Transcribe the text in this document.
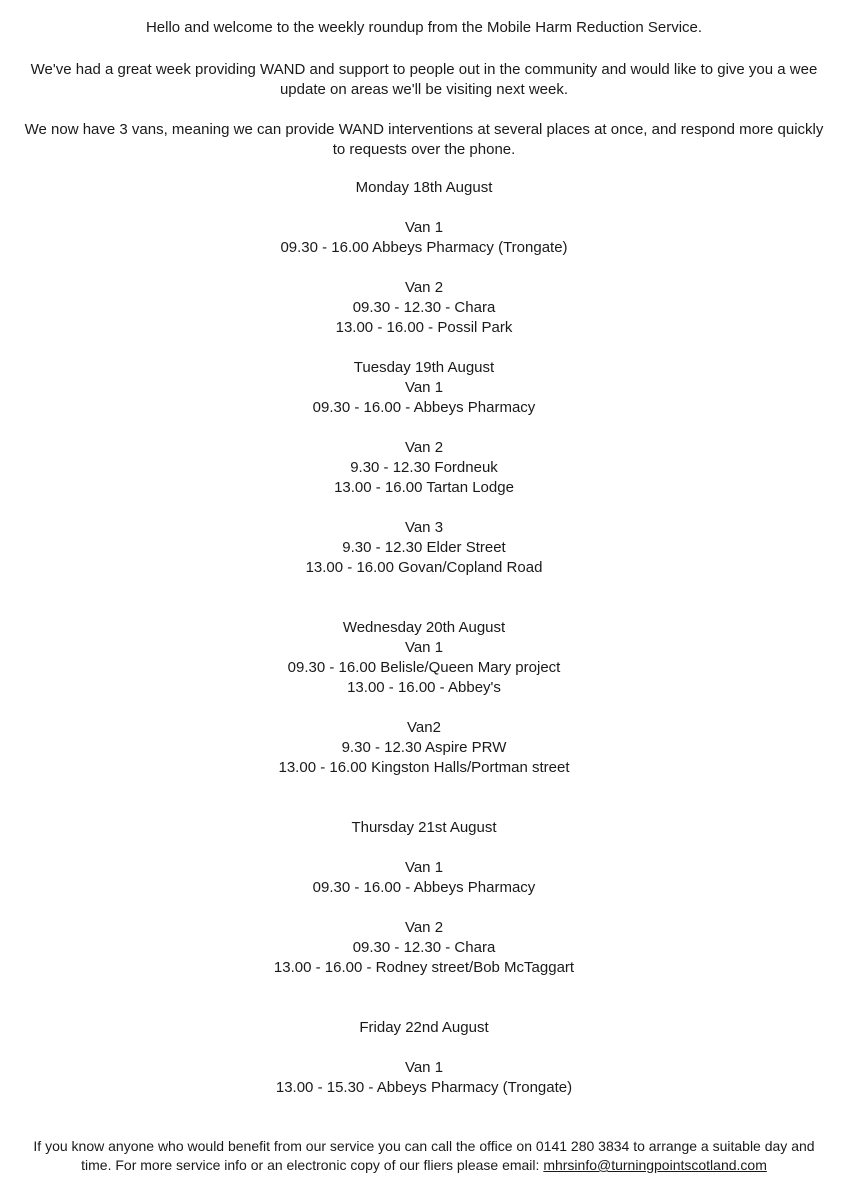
Hello and welcome to the weekly roundup from the Mobile Harm Reduction Service.
We've had a great week providing WAND and support to people out in the community and would like to give you a wee update on areas we'll be visiting next week.
We now have 3 vans, meaning we can provide WAND interventions at several places at once, and respond more quickly to requests over the phone.
Monday 18th August
Van 1
09.30 - 16.00 Abbeys Pharmacy (Trongate)
Van 2
09.30 - 12.30 - Chara
13.00 - 16.00 - Possil Park
Tuesday 19th August
Van 1
09.30 - 16.00 - Abbeys Pharmacy
Van 2
9.30 - 12.30 Fordneuk
13.00 - 16.00 Tartan Lodge
Van 3
9.30 - 12.30 Elder Street
13.00 - 16.00 Govan/Copland Road
Wednesday 20th August
Van 1
09.30 - 16.00 Belisle/Queen Mary project
13.00 - 16.00 - Abbey's
Van2
9.30 - 12.30 Aspire PRW
13.00 - 16.00 Kingston Halls/Portman street
Thursday 21st August
Van 1
09.30 - 16.00 - Abbeys Pharmacy
Van 2
09.30 - 12.30 - Chara
13.00 - 16.00 - Rodney street/Bob McTaggart
Friday 22nd August
Van 1
13.00 - 15.30 - Abbeys Pharmacy (Trongate)
If you know anyone who would benefit from our service you can call the office on 0141 280 3834 to arrange a suitable day and time. For more service info or an electronic copy of our fliers please email: mhrsinfo@turningpointscotland.com
